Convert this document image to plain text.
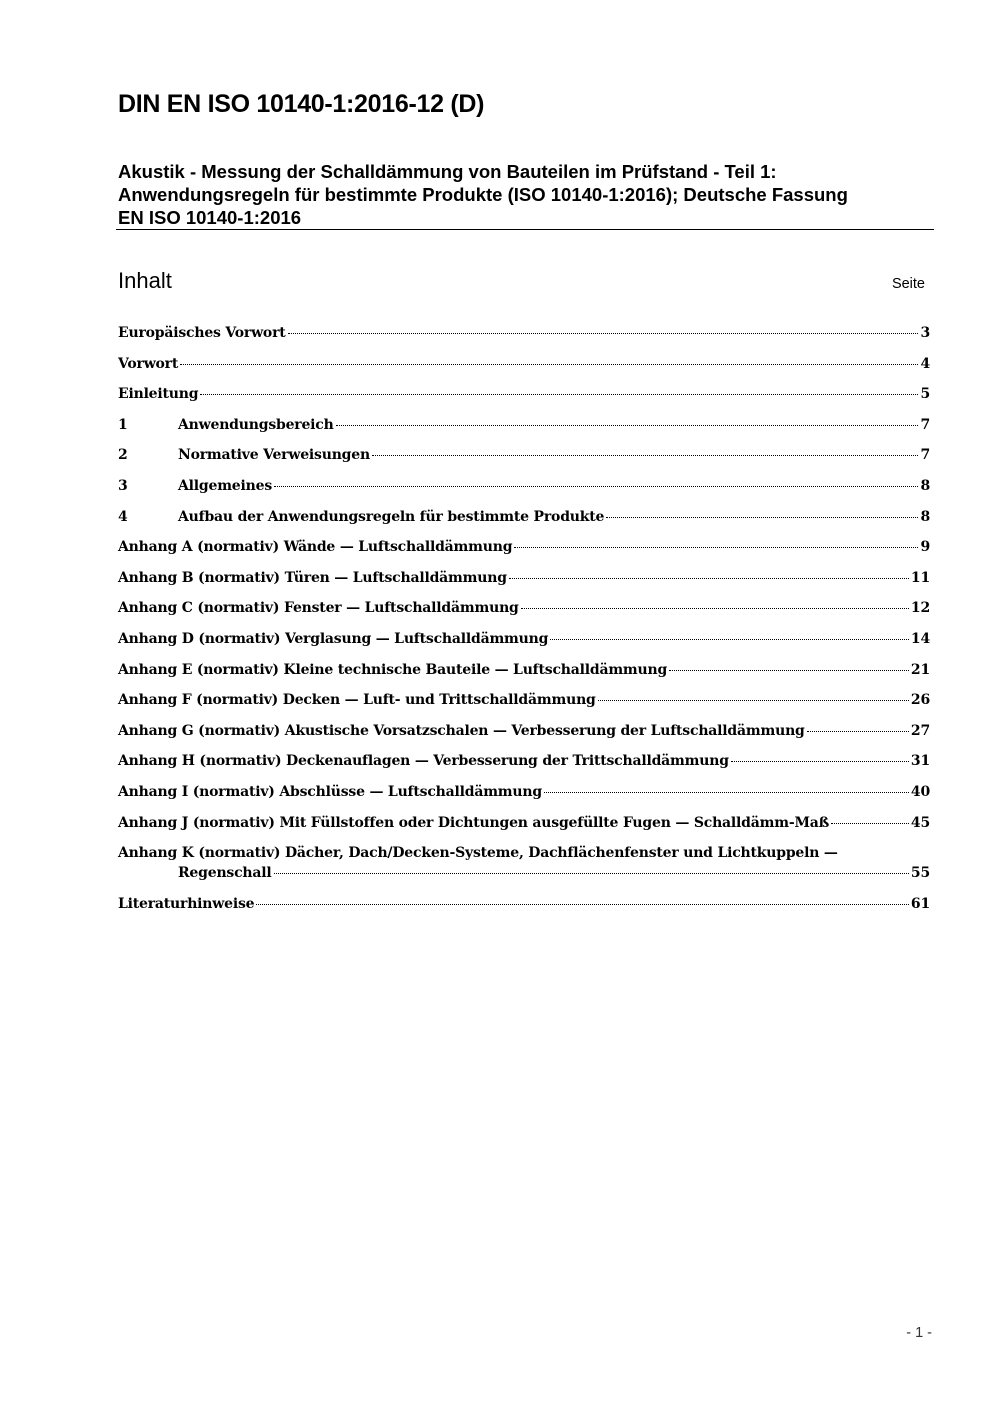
DIN EN ISO 10140-1:2016-12 (D)
Akustik - Messung der Schalldämmung von Bauteilen im Prüfstand - Teil 1:
Anwendungsregeln für bestimmte Produkte (ISO 10140-1:2016); Deutsche Fassung
EN ISO 10140-1:2016
Inhalt	Seite
Europäisches Vorwort	3
Vorwort	4
Einleitung	5
1	Anwendungsbereich	7
2	Normative Verweisungen	7
3	Allgemeines	8
4	Aufbau der Anwendungsregeln für bestimmte Produkte	8
Anhang A (normativ) Wände — Luftschalldämmung	9
Anhang B (normativ) Türen — Luftschalldämmung	11
Anhang C (normativ) Fenster — Luftschalldämmung	12
Anhang D (normativ) Verglasung — Luftschalldämmung	14
Anhang E (normativ) Kleine technische Bauteile — Luftschalldämmung	21
Anhang F (normativ) Decken — Luft- und Trittschalldämmung	26
Anhang G (normativ) Akustische Vorsatzschalen — Verbesserung der Luftschalldämmung	27
Anhang H (normativ) Deckenauflagen — Verbesserung der Trittschalldämmung	31
Anhang I (normativ) Abschlüsse — Luftschalldämmung	40
Anhang J (normativ) Mit Füllstoffen oder Dichtungen ausgefüllte Fugen — Schalldämm-Maß	45
Anhang K (normativ) Dächer, Dach/Decken-Systeme, Dachflächenfenster und Lichtkuppeln —
Regenschall	55
Literaturhinweise	61
- 1 -
